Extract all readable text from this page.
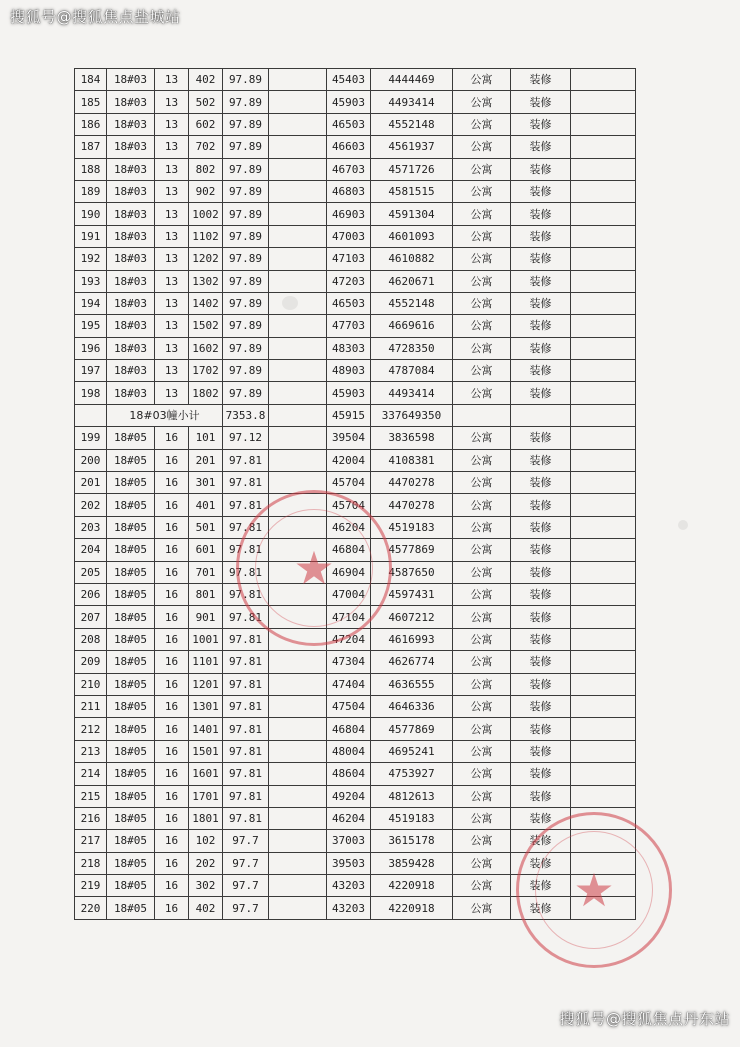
搜狐号@搜狐焦点盐城站
184	18#03	13	402	97.89		45403	4444469	公寓	装修	
185	18#03	13	502	97.89		45903	4493414	公寓	装修	
186	18#03	13	602	97.89		46503	4552148	公寓	装修	
187	18#03	13	702	97.89		46603	4561937	公寓	装修	
188	18#03	13	802	97.89		46703	4571726	公寓	装修	
189	18#03	13	902	97.89		46803	4581515	公寓	装修	
190	18#03	13	1002	97.89		46903	4591304	公寓	装修	
191	18#03	13	1102	97.89		47003	4601093	公寓	装修	
192	18#03	13	1202	97.89		47103	4610882	公寓	装修	
193	18#03	13	1302	97.89		47203	4620671	公寓	装修	
194	18#03	13	1402	97.89		46503	4552148	公寓	装修	
195	18#03	13	1502	97.89		47703	4669616	公寓	装修	
196	18#03	13	1602	97.89		48303	4728350	公寓	装修	
197	18#03	13	1702	97.89		48903	4787084	公寓	装修	
198	18#03	13	1802	97.89		45903	4493414	公寓	装修	
	18#03幢小计			7353.8		45915	337649350			
199	18#05	16	101	97.12		39504	3836598	公寓	装修	
200	18#05	16	201	97.81		42004	4108381	公寓	装修	
201	18#05	16	301	97.81		45704	4470278	公寓	装修	
202	18#05	16	401	97.81		45704	4470278	公寓	装修	
203	18#05	16	501	97.81		46204	4519183	公寓	装修	
204	18#05	16	601	97.81		46804	4577869	公寓	装修	
205	18#05	16	701	97.81		46904	4587650	公寓	装修	
206	18#05	16	801	97.81		47004	4597431	公寓	装修	
207	18#05	16	901	97.81		47104	4607212	公寓	装修	
208	18#05	16	1001	97.81		47204	4616993	公寓	装修	
209	18#05	16	1101	97.81		47304	4626774	公寓	装修	
210	18#05	16	1201	97.81		47404	4636555	公寓	装修	
211	18#05	16	1301	97.81		47504	4646336	公寓	装修	
212	18#05	16	1401	97.81		46804	4577869	公寓	装修	
213	18#05	16	1501	97.81		48004	4695241	公寓	装修	
214	18#05	16	1601	97.81		48604	4753927	公寓	装修	
215	18#05	16	1701	97.81		49204	4812613	公寓	装修	
216	18#05	16	1801	97.81		46204	4519183	公寓	装修	
217	18#05	16	102	97.7		37003	3615178	公寓	装修	
218	18#05	16	202	97.7		39503	3859428	公寓	装修	
219	18#05	16	302	97.7		43203	4220918	公寓	装修	
220	18#05	16	402	97.7		43203	4220918	公寓	装修	
★
★
搜狐号@搜狐焦点丹东站
